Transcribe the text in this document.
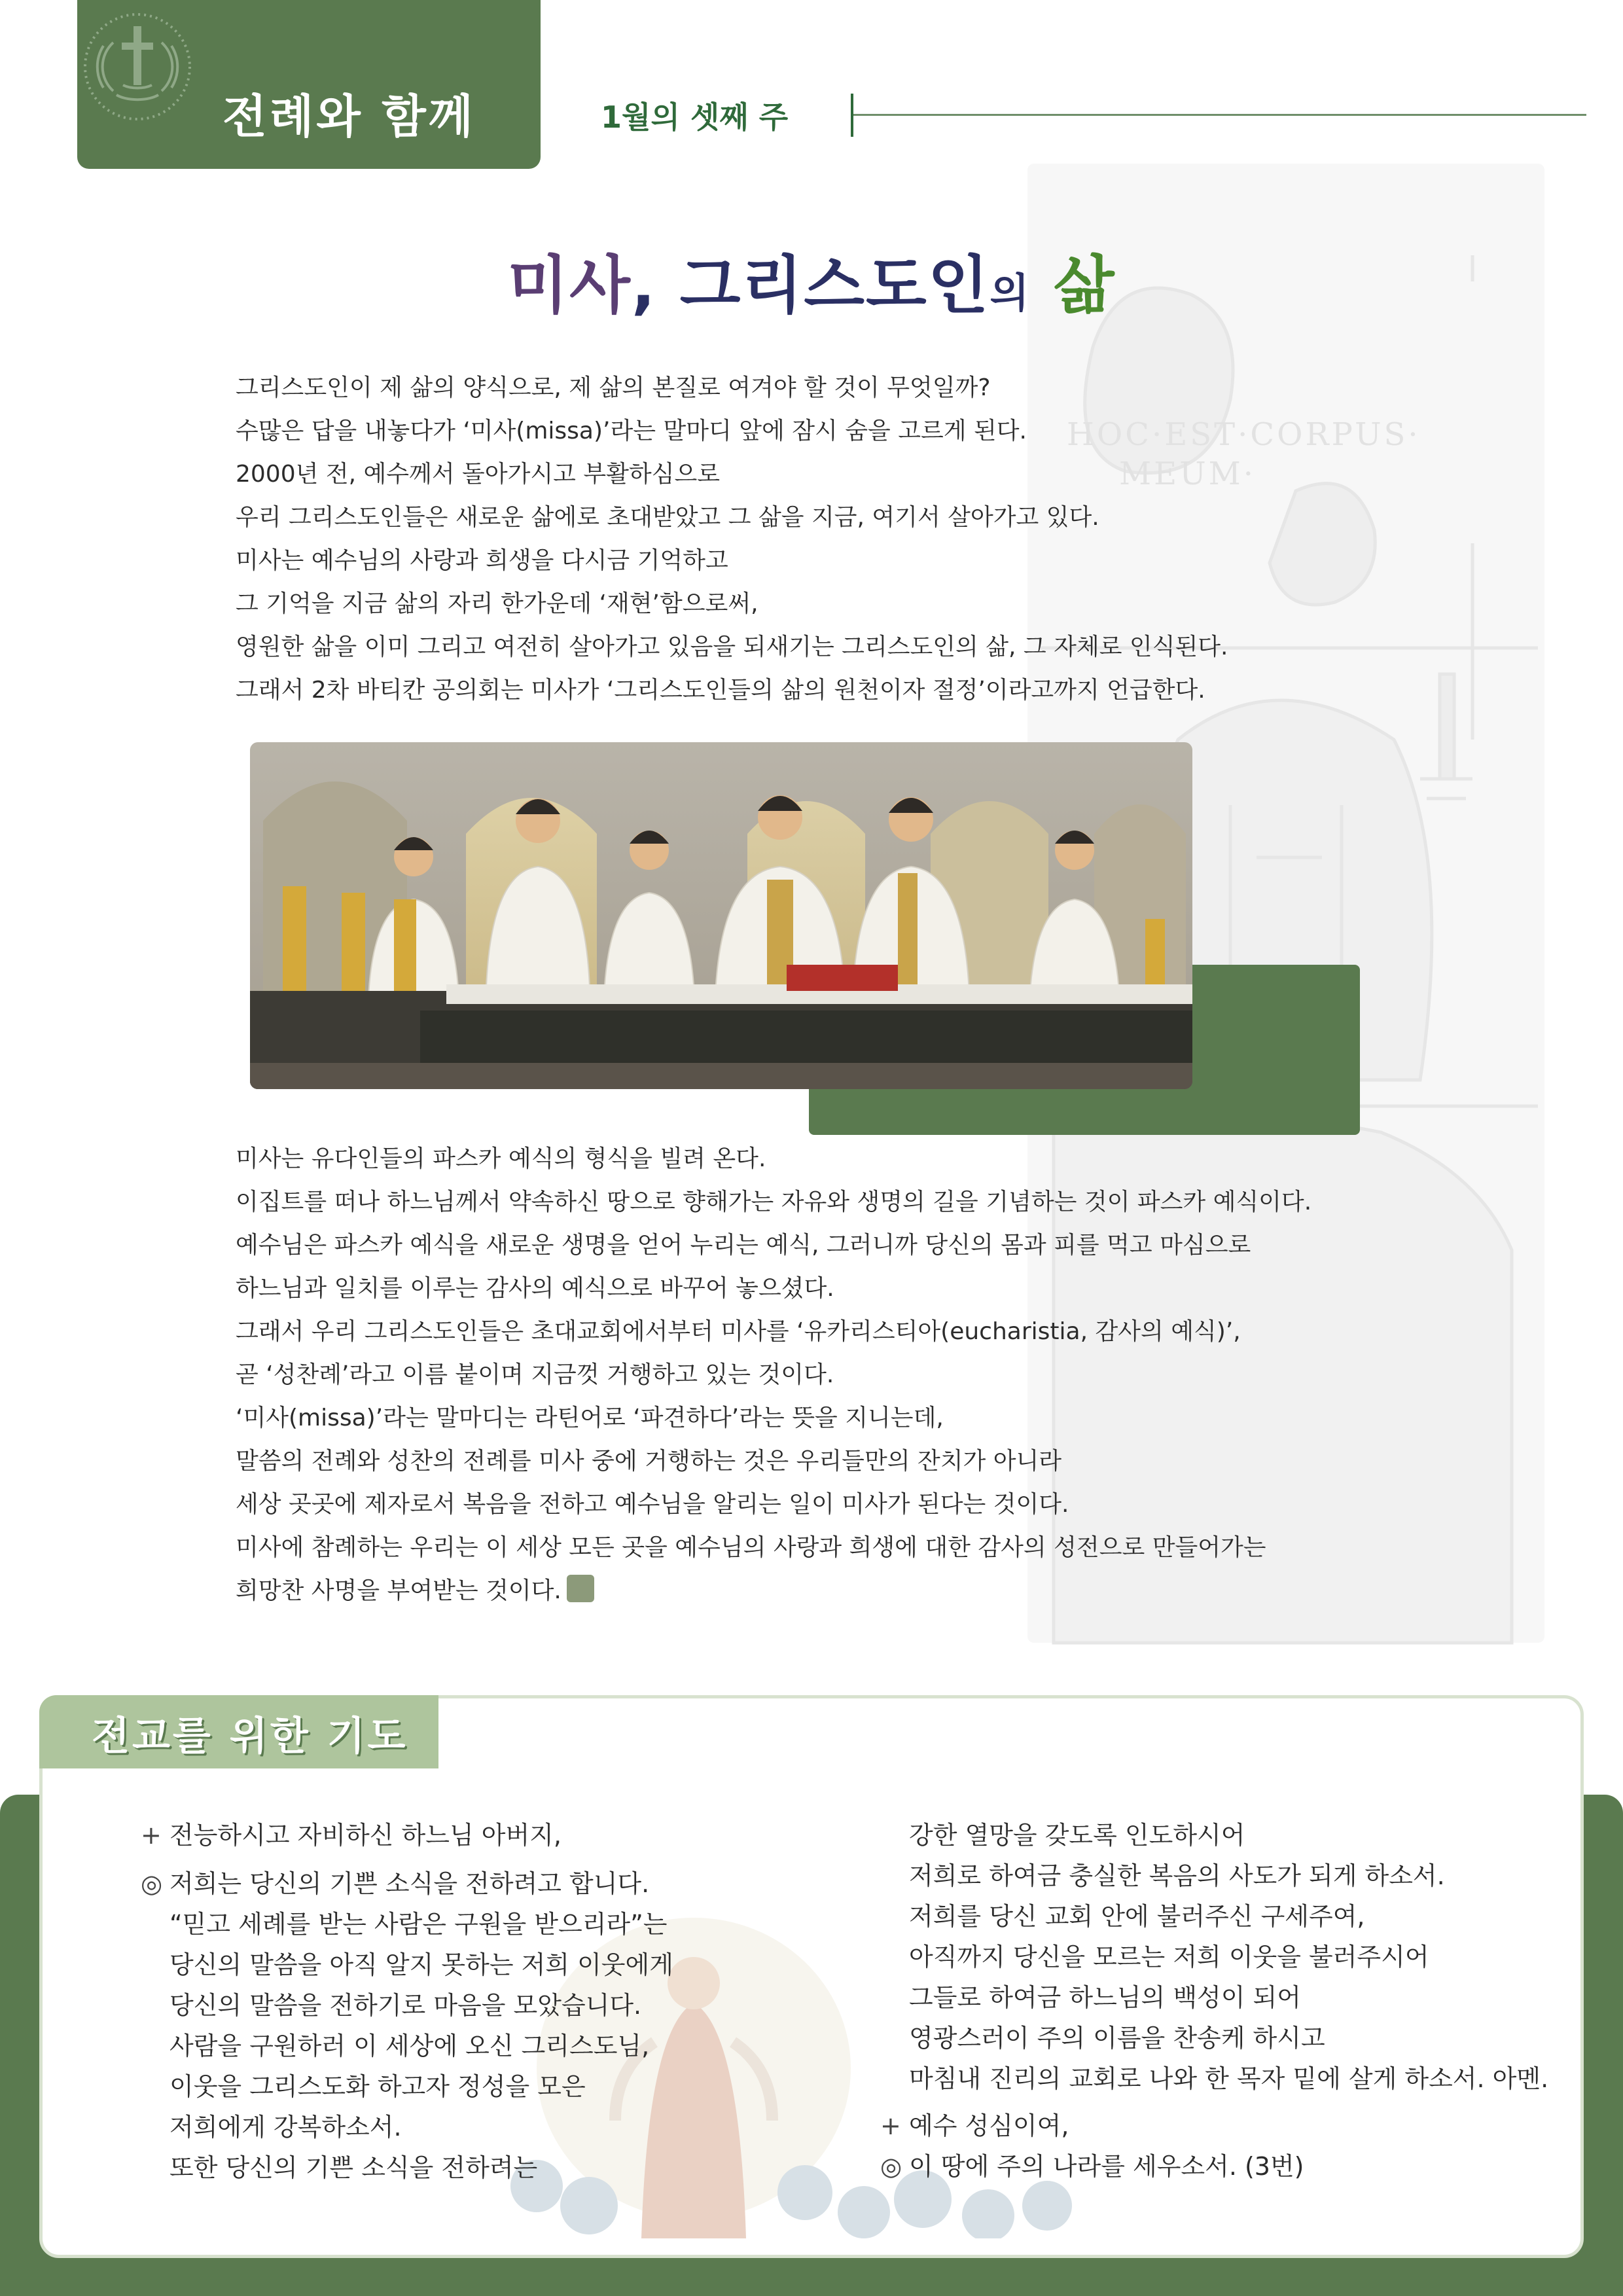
전례와 함께	1월의 셋째 주
HOC·EST·CORPUS·
MEUM·
미사, 그리스도인의 삶
그리스도인이 제 삶의 양식으로, 제 삶의 본질로 여겨야 할 것이 무엇일까?
수많은 답을 내놓다가 ‘미사(missa)’라는 말마디 앞에 잠시 숨을 고르게 된다.
2000년 전, 예수께서 돌아가시고 부활하심으로
우리 그리스도인들은 새로운 삶에로 초대받았고 그 삶을 지금, 여기서 살아가고 있다.
미사는 예수님의 사랑과 희생을 다시금 기억하고
그 기억을 지금 삶의 자리 한가운데 ‘재현’함으로써,
영원한 삶을 이미 그리고 여전히 살아가고 있음을 되새기는 그리스도인의 삶, 그 자체로 인식된다.
그래서 2차 바티칸 공의회는 미사가 ‘그리스도인들의 삶의 원천이자 절정’이라고까지 언급한다.
미사는 유다인들의 파스카 예식의 형식을 빌려 온다.
이집트를 떠나 하느님께서 약속하신 땅으로 향해가는 자유와 생명의 길을 기념하는 것이 파스카 예식이다.
예수님은 파스카 예식을 새로운 생명을 얻어 누리는 예식, 그러니까 당신의 몸과 피를 먹고 마심으로
하느님과 일치를 이루는 감사의 예식으로 바꾸어 놓으셨다.
그래서 우리 그리스도인들은 초대교회에서부터 미사를 ‘유카리스티아(eucharistia, 감사의 예식)’,
곧 ‘성찬례’라고 이름 붙이며 지금껏 거행하고 있는 것이다.
‘미사(missa)’라는 말마디는 라틴어로 ‘파견하다’라는 뜻을 지니는데,
말씀의 전례와 성찬의 전례를 미사 중에 거행하는 것은 우리들만의 잔치가 아니라
세상 곳곳에 제자로서 복음을 전하고 예수님을 알리는 일이 미사가 된다는 것이다.
미사에 참례하는 우리는 이 세상 모든 곳을 예수님의 사랑과 희생에 대한 감사의 성전으로 만들어가는
희망찬 사명을 부여받는 것이다.
전교를 위한 기도
+ 전능하시고 자비하신 하느님 아버지,
◎ 저희는 당신의 기쁜 소식을 전하려고 합니다.
“믿고 세례를 받는 사람은 구원을 받으리라”는
당신의 말씀을 아직 알지 못하는 저희 이웃에게
당신의 말씀을 전하기로 마음을 모았습니다.
사람을 구원하러 이 세상에 오신 그리스도님,
이웃을 그리스도화 하고자 정성을 모은
저희에게 강복하소서.
또한 당신의 기쁜 소식을 전하려는
강한 열망을 갖도록 인도하시어
저희로 하여금 충실한 복음의 사도가 되게 하소서.
저희를 당신 교회 안에 불러주신 구세주여,
아직까지 당신을 모르는 저희 이웃을 불러주시어
그들로 하여금 하느님의 백성이 되어
영광스러이 주의 이름을 찬송케 하시고
마침내 진리의 교회로 나와 한 목자 밑에 살게 하소서. 아멘.
+ 예수 성심이여,
◎ 이 땅에 주의 나라를 세우소서. (3번)
